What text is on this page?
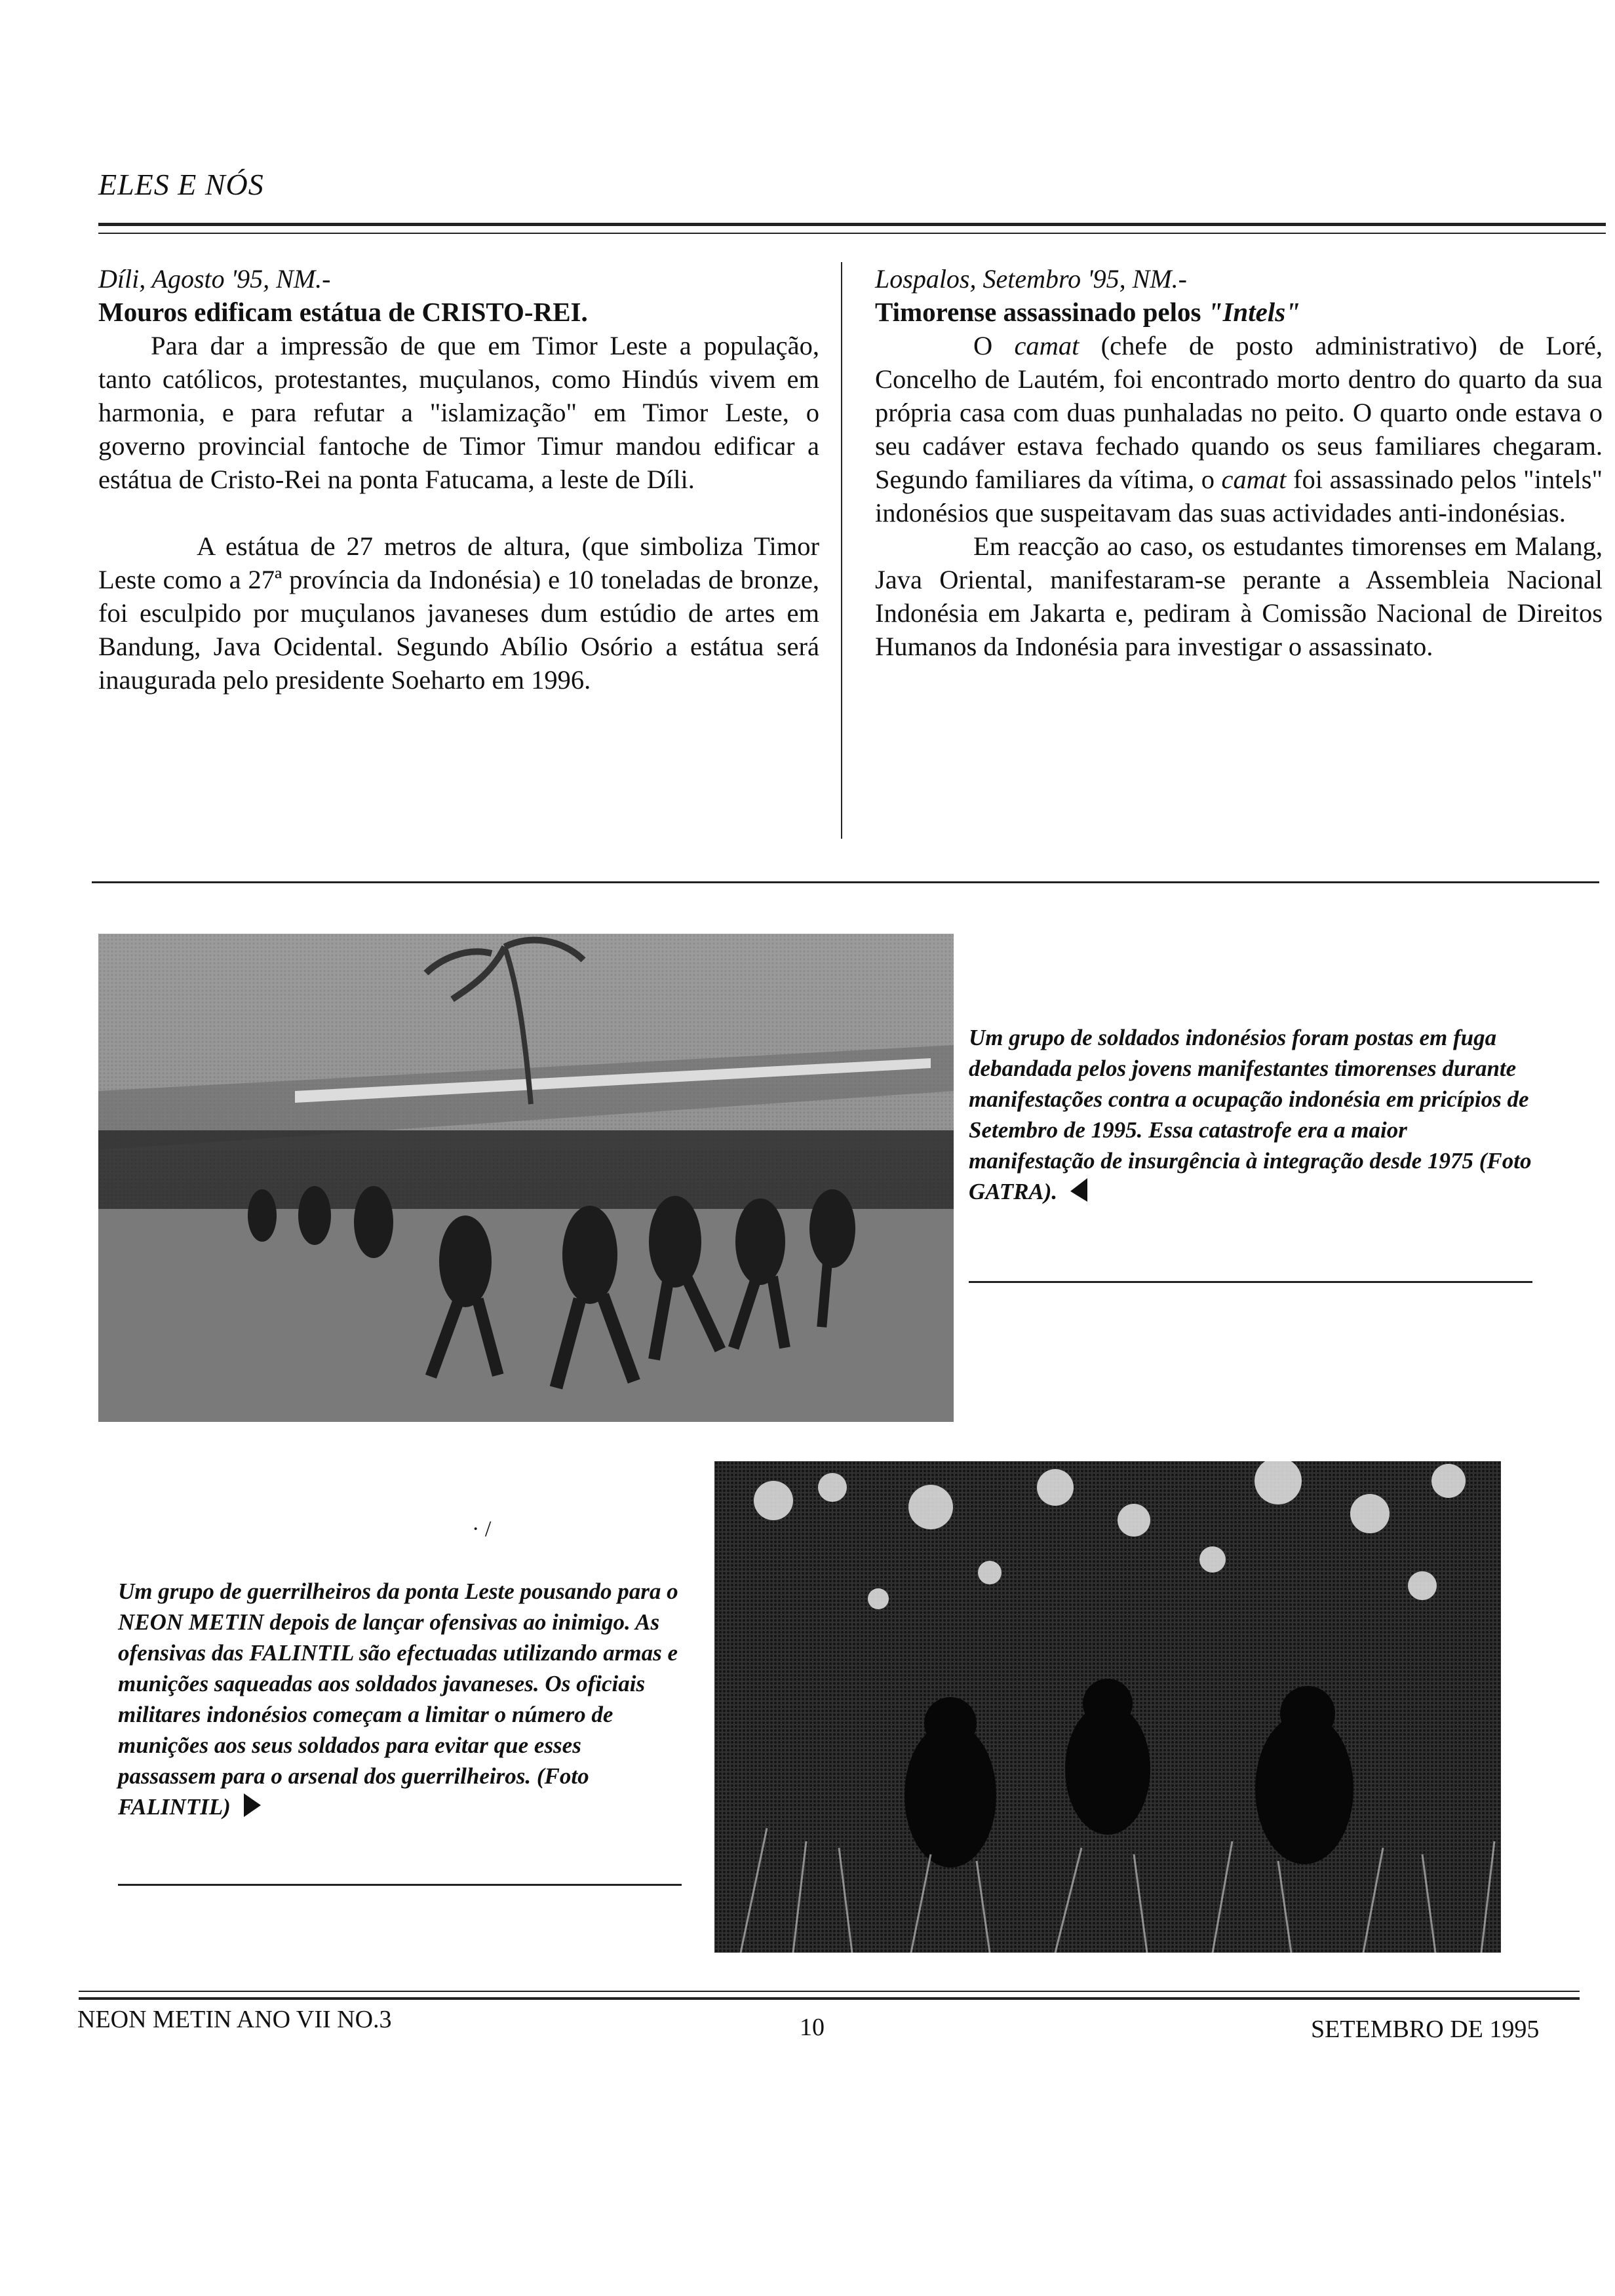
ELES E NÓS

Díli, Agosto '95, NM.-

Mouros edificam estátua de CRISTO-REI.

Para dar a impressão de que em Timor Leste a população, tanto católicos, protestantes, muçulanos, como Hindús vivem em harmonia, e para refutar a "islamização" em Timor Leste, o governo provincial fantoche de Timor Timur mandou edificar a estátua de Cristo-Rei na ponta Fatucama, a leste de Díli.

A estátua de 27 metros de altura, (que simboliza Timor Leste como a 27ª província da Indonésia) e 10 toneladas de bronze, foi esculpido por muçulanos javaneses dum estúdio de artes em Bandung, Java Ocidental. Segundo Abílio Osório a estátua será inaugurada pelo presidente Soeharto em 1996.

Lospalos, Setembro '95, NM.-

Timorense assassinado pelos "Intels"

O camat (chefe de posto administrativo) de Loré, Concelho de Lautém, foi encontrado morto dentro do quarto da sua própria casa com duas punhaladas no peito. O quarto onde estava o seu cadáver estava fechado quando os seus familiares chegaram. Segundo familiares da vítima, o camat foi assassinado pelos "intels" indonésios que suspeitavam das suas actividades anti-indonésias.

Em reacção ao caso, os estudantes timorenses em Malang, Java Oriental, manifestaram-se perante a Assembleia Nacional Indonésia em Jakarta e, pediram à Comissão Nacional de Direitos Humanos da Indonésia para investigar o assassinato.

Um grupo de soldados indonésios foram postas em fuga debandada pelos jovens manifestantes timorenses durante manifestações contra a ocupação indonésia em pricípios de Setembro de 1995. Essa catastrofe era a maior manifestação de insurgência à integração desde 1975 (Foto GATRA).
· /
Um grupo de guerrilheiros da ponta Leste pousando para o NEON METIN depois de lançar ofensivas ao inimigo. As ofensivas das FALINTIL são efectuadas utilizando armas e munições saqueadas aos soldados javaneses. Os oficiais militares indonésios começam a limitar o número de munições aos seus soldados para evitar que esses passassem para o arsenal dos guerrilheiros. (Foto FALINTIL)
NEON METIN ANO VII NO.3	10	SETEMBRO DE 1995
